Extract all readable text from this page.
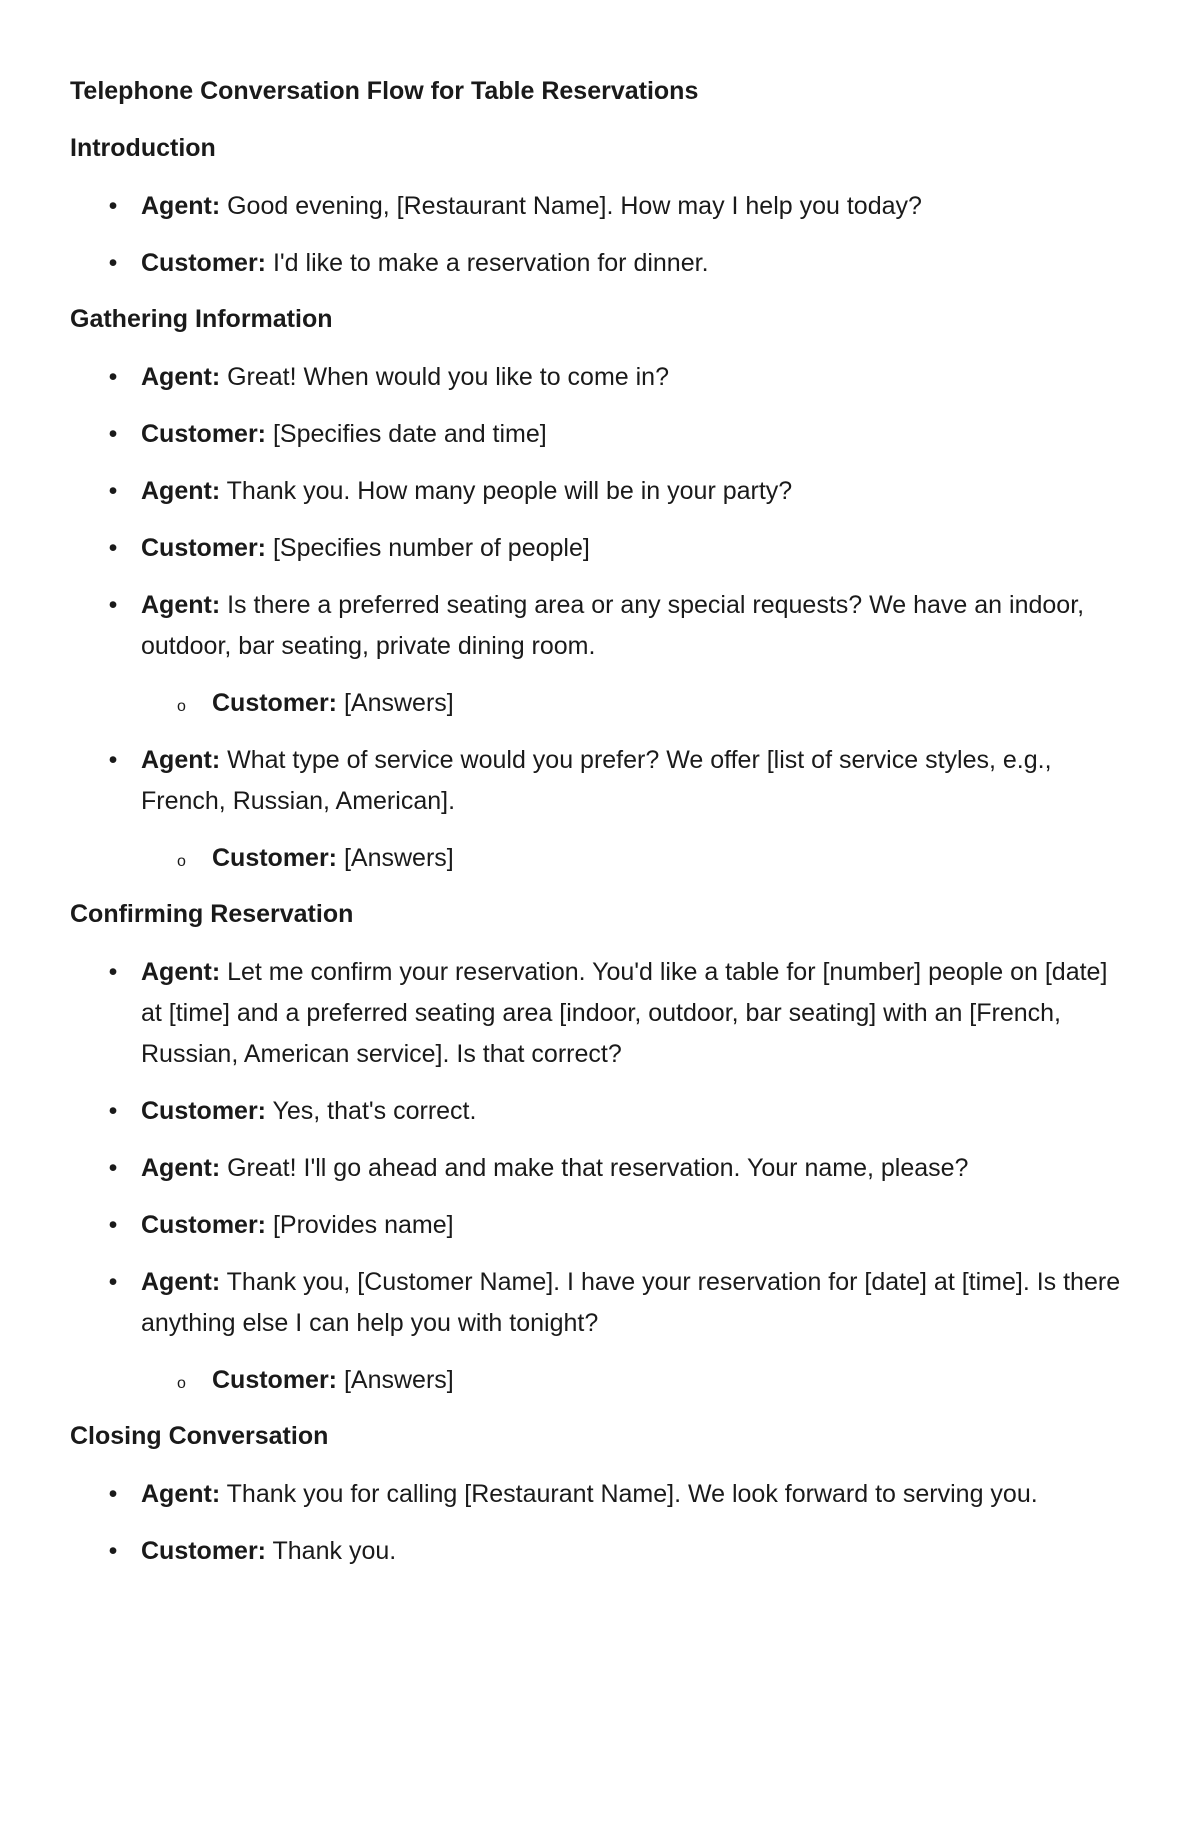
Telephone Conversation Flow for Table Reservations
Introduction
• Agent: Good evening, [Restaurant Name]. How may I help you today?
• Customer: I'd like to make a reservation for dinner.
Gathering Information
• Agent: Great! When would you like to come in?
• Customer: [Specifies date and time]
• Agent: Thank you. How many people will be in your party?
• Customer: [Specifies number of people]
• Agent: Is there a preferred seating area or any special requests? We have an indoor, outdoor, bar seating, private dining room.
o Customer: [Answers]
• Agent: What type of service would you prefer? We offer [list of service styles, e.g., French, Russian, American].
o Customer: [Answers]
Confirming Reservation
• Agent: Let me confirm your reservation. You'd like a table for [number] people on [date] at [time] and a preferred seating area [indoor, outdoor, bar seating] with an [French, Russian, American service]. Is that correct?
• Customer: Yes, that's correct.
• Agent: Great! I'll go ahead and make that reservation. Your name, please?
• Customer: [Provides name]
• Agent: Thank you, [Customer Name]. I have your reservation for [date] at [time]. Is there anything else I can help you with tonight?
o Customer: [Answers]
Closing Conversation
• Agent: Thank you for calling [Restaurant Name]. We look forward to serving you.
• Customer: Thank you.
